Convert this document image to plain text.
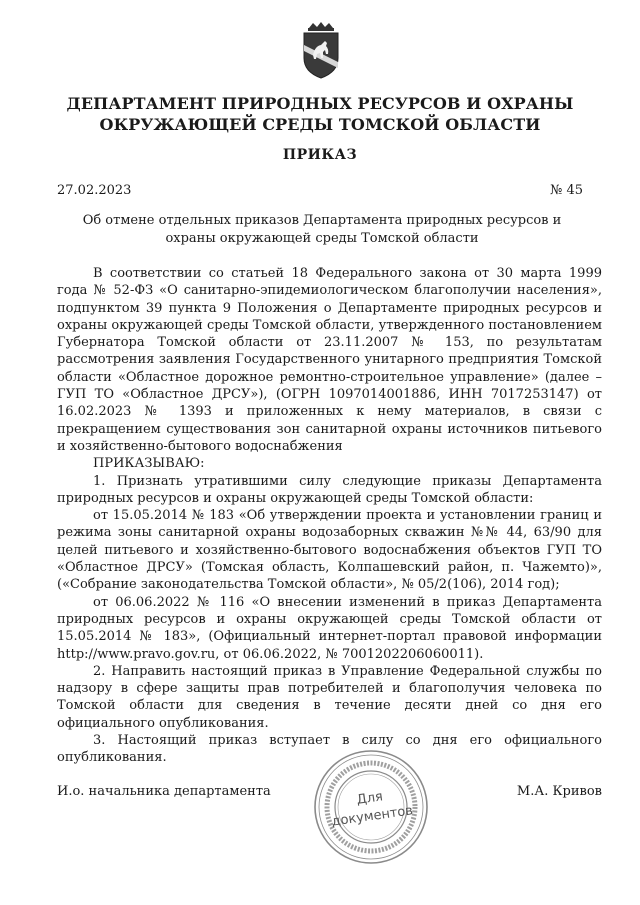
ДЕПАРТАМЕНТ ПРИРОДНЫХ РЕСУРСОВ И ОХРАНЫ
ОКРУЖАЮЩЕЙ СРЕДЫ ТОМСКОЙ ОБЛАСТИ
ПРИКАЗ
27.02.2023	№ 45
Об отмене отдельных приказов Департамента природных ресурсов и охраны окружающей среды Томской области

В соответствии со статьей 18 Федерального закона от 30 марта 1999 года № 52-ФЗ «О санитарно-эпидемиологическом благополучии населения», подпунктом 39 пункта 9 Положения о Департаменте природных ресурсов и охраны окружающей среды Томской области, утвержденного постановлением Губернатора Томской области от 23.11.2007 № 153, по результатам рассмотрения заявления Государственного унитарного предприятия Томской области «Областное дорожное ремонтно-строительное управление» (далее – ГУП ТО «Областное ДРСУ»), (ОГРН 1097014001886, ИНН 7017253147) от 16.02.2023 № 1393 и приложенных к нему материалов, в связи с прекращением существования зон санитарной охраны источников питьевого и хозяйственно-бытового водоснабжения

ПРИКАЗЫВАЮ:

1. Признать утратившими силу следующие приказы Департамента природных ресурсов и охраны окружающей среды Томской области:

от 15.05.2014 № 183 «Об утверждении проекта и установлении границ и режима зоны санитарной охраны водозаборных скважин №№ 44, 63/90 для целей питьевого и хозяйственно-бытового водоснабжения объектов ГУП ТО «Областное ДРСУ» (Томская область, Колпашевский район, п. Чажемто)», («Собрание законодательства Томской области», № 05/2(106), 2014 год);

от 06.06.2022 № 116 «О внесении изменений в приказ Департамента природных ресурсов и охраны окружающей среды Томской области от 15.05.2014 № 183», (Официальный интернет-портал правовой информации http://www.pravo.gov.ru, от 06.06.2022, № 7001202206060011).

2. Направить настоящий приказ в Управление Федеральной службы по надзору в сфере защиты прав потребителей и благополучия человека по Томской области для сведения в течение десяти дней со дня его официального опубликования.

3. Настоящий приказ вступает в силу со дня его официального опубликования.

И.о. начальника департамента	М.А. Кривов
Для
документов
